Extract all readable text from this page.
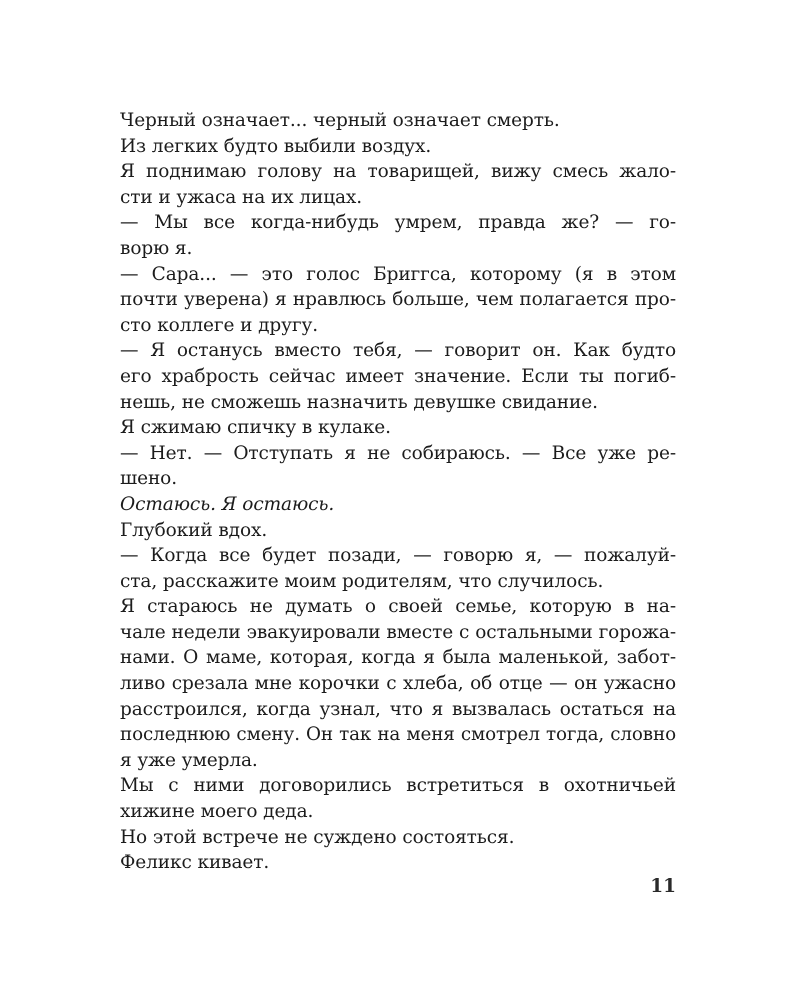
Черный означает... черный означает смерть.
Из легких будто выбили воздух.
Я поднимаю голову на товарищей, вижу смесь жало-
сти и ужаса на их лицах.
— Мы все когда-нибудь умрем, правда же? — го-
ворю я.
— Сара... — это голос Бриггса, которому (я в этом
почти уверена) я нравлюсь больше, чем полагается про-
сто коллеге и другу.
— Я останусь вместо тебя, — говорит он. Как будто
его храбрость сейчас имеет значение. Если ты погиб-
нешь, не сможешь назначить девушке свидание.
Я сжимаю спичку в кулаке.
— Нет. — Отступать я не собираюсь. — Все уже ре-
шено.
Остаюсь. Я остаюсь.
Глубокий вдох.
— Когда все будет позади, — говорю я, — пожалуй-
ста, расскажите моим родителям, что случилось.
Я стараюсь не думать о своей семье, которую в на-
чале недели эвакуировали вместе с остальными горожа-
нами. О маме, которая, когда я была маленькой, забот-
ливо срезала мне корочки с хлеба, об отце — он ужасно
расстроился, когда узнал, что я вызвалась остаться на
последнюю смену. Он так на меня смотрел тогда, словно
я уже умерла.
Мы с ними договорились встретиться в охотничьей
хижине моего деда.
Но этой встрече не суждено состояться.
Феликс кивает.
11
